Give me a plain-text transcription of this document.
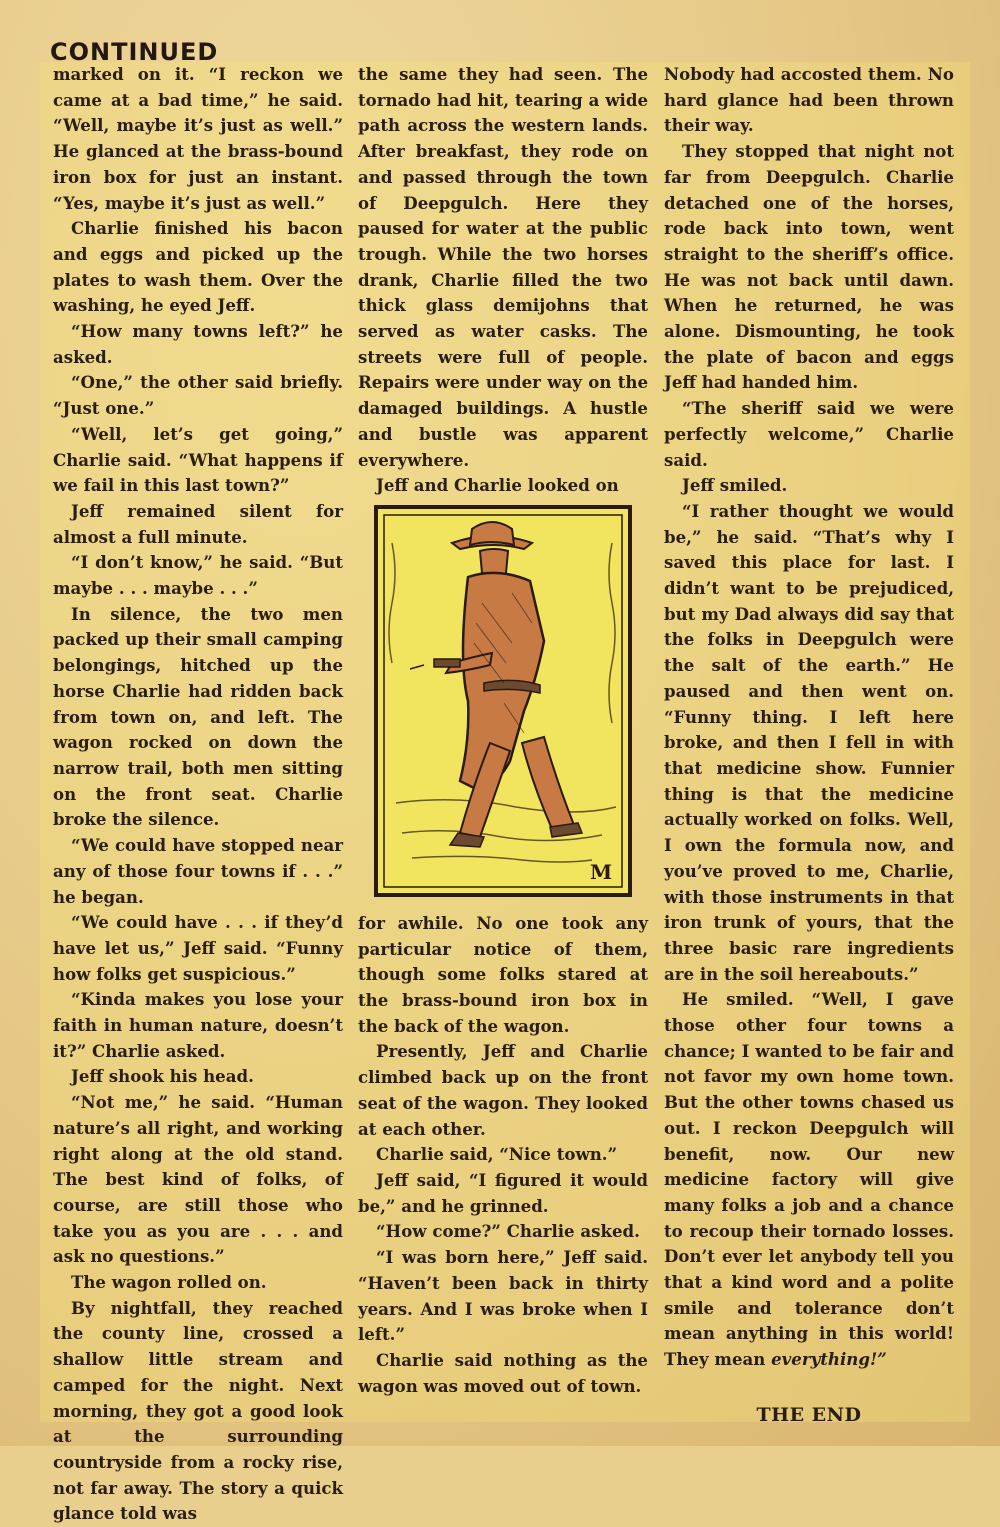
CONTINUED

marked on it. “I reckon we came at a bad time,” he said. “Well, maybe it’s just as well.” He glanced at the brass-bound iron box for just an instant. “Yes, maybe it’s just as well.”

Charlie finished his bacon and eggs and picked up the plates to wash them. Over the washing, he eyed Jeff.

“How many towns left?” he asked.

“One,” the other said briefly. “Just one.”

“Well, let’s get going,” Charlie said. “What happens if we fail in this last town?”

Jeff remained silent for almost a full minute.

“I don’t know,” he said. “But maybe . . . maybe . . .”

In silence, the two men packed up their small camping belongings, hitched up the horse Charlie had ridden back from town on, and left. The wagon rocked on down the narrow trail, both men sitting on the front seat. Charlie broke the silence.

“We could have stopped near any of those four towns if . . .” he began.

“We could have . . . if they’d have let us,” Jeff said. “Funny how folks get suspicious.”

“Kinda makes you lose your faith in human nature, doesn’t it?” Charlie asked.

Jeff shook his head.

“Not me,” he said. “Human nature’s all right, and working right along at the old stand. The best kind of folks, of course, are still those who take you as you are . . . and ask no questions.”

The wagon rolled on.

By nightfall, they reached the county line, crossed a shallow little stream and camped for the night. Next morning, they got a good look at the surrounding countryside from a rocky rise, not far away. The story a quick glance told was

the same they had seen. The tornado had hit, tearing a wide path across the western lands. After breakfast, they rode on and passed through the town of Deepgulch. Here they paused for water at the public trough. While the two horses drank, Charlie filled the two thick glass demijohns that served as water casks. The streets were full of people. Repairs were under way on the damaged buildings. A hustle and bustle was apparent everywhere.

Jeff and Charlie looked on

M

for awhile. No one took any particular notice of them, though some folks stared at the brass-bound iron box in the back of the wagon.

Presently, Jeff and Charlie climbed back up on the front seat of the wagon. They looked at each other.

Charlie said, “Nice town.”

Jeff said, “I figured it would be,” and he grinned.

“How come?” Charlie asked.

“I was born here,” Jeff said. “Haven’t been back in thirty years. And I was broke when I left.”

Charlie said nothing as the wagon was moved out of town.

Nobody had accosted them. No hard glance had been thrown their way.

They stopped that night not far from Deepgulch. Charlie detached one of the horses, rode back into town, went straight to the sheriff’s office. He was not back until dawn. When he returned, he was alone. Dismounting, he took the plate of bacon and eggs Jeff had handed him.

“The sheriff said we were perfectly welcome,” Charlie said.

Jeff smiled.

“I rather thought we would be,” he said. “That’s why I saved this place for last. I didn’t want to be prejudiced, but my Dad always did say that the folks in Deepgulch were the salt of the earth.” He paused and then went on. “Funny thing. I left here broke, and then I fell in with that medicine show. Funnier thing is that the medicine actually worked on folks. Well, I own the formula now, and you’ve proved to me, Charlie, with those instruments in that iron trunk of yours, that the three basic rare ingredients are in the soil hereabouts.”

He smiled. “Well, I gave those other four towns a chance; I wanted to be fair and not favor my own home town. But the other towns chased us out. I reckon Deepgulch will benefit, now. Our new medicine factory will give many folks a job and a chance to recoup their tornado losses. Don’t ever let anybody tell you that a kind word and a polite smile and tolerance don’t mean anything in this world! They mean everything!”

THE END
